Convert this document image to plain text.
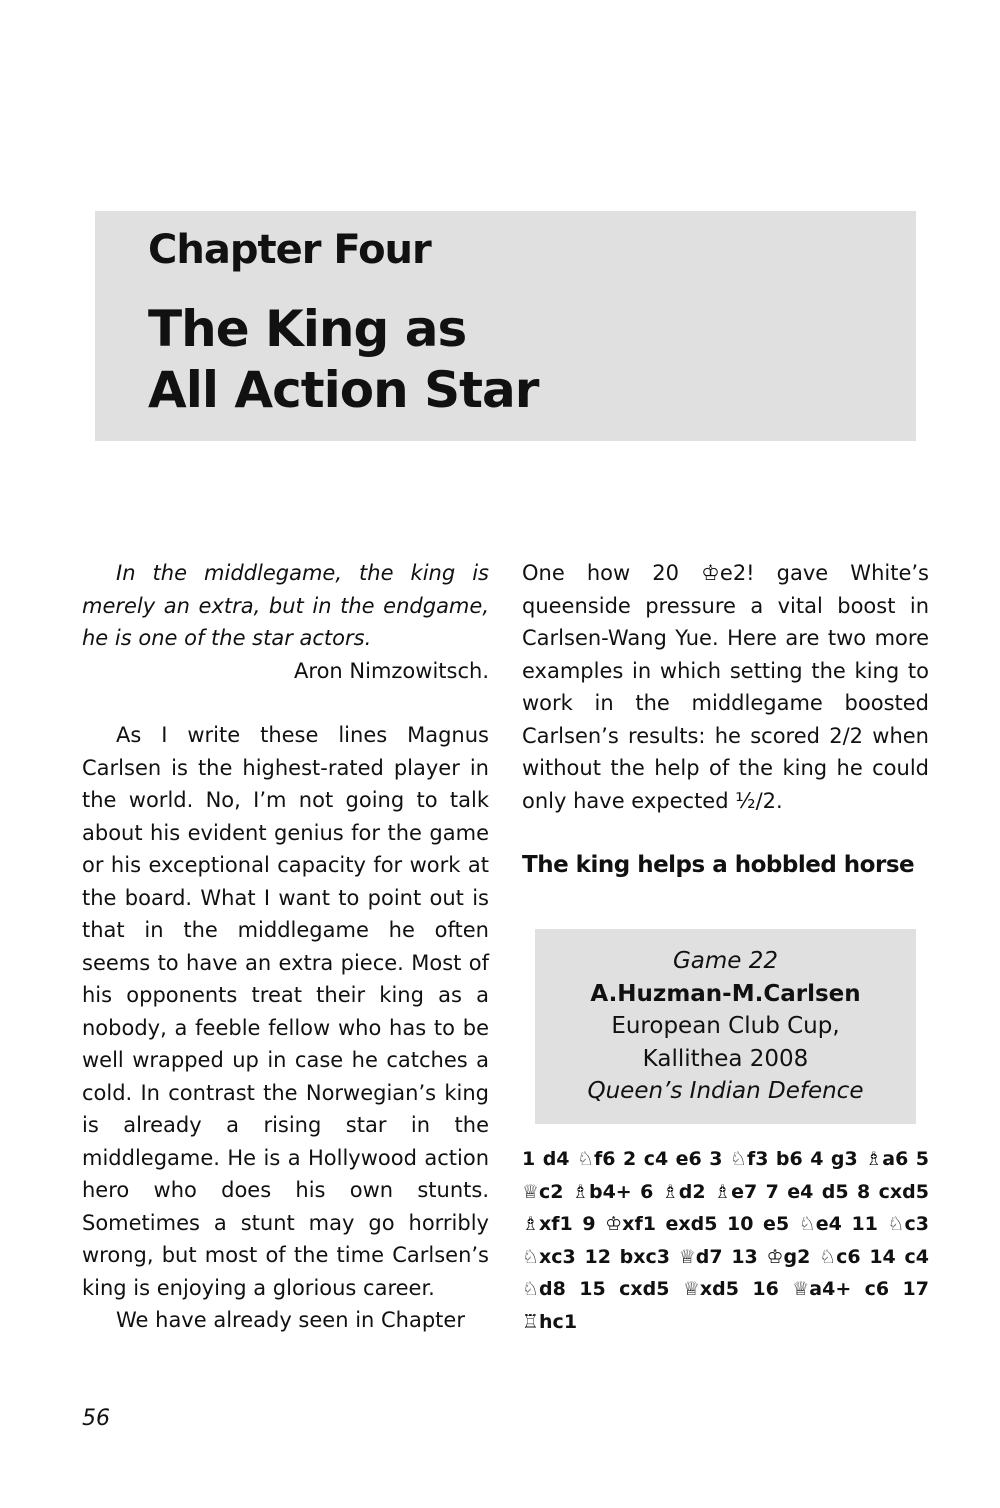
Chapter Four
The King as
All Action Star

In the middlegame, the king is merely an extra, but in the endgame, he is one of the star actors.

Aron Nimzowitsch.

As I write these lines Magnus Carlsen is the highest-rated player in the world. No, I’m not going to talk about his evident genius for the game or his exceptional capacity for work at the board. What I want to point out is that in the middlegame he often seems to have an extra piece. Most of his opponents treat their king as a nobody, a feeble fellow who has to be well wrapped up in case he catches a cold. In contrast the Norwegian’s king is already a rising star in the middlegame. He is a Hollywood action hero who does his own stunts. Sometimes a stunt may go horribly wrong, but most of the time Carlsen’s king is enjoying a glorious career.

We have already seen in Chapter

One how 20 ♔e2! gave White’s queenside pressure a vital boost in Carlsen-Wang Yue. Here are two more examples in which setting the king to work in the middlegame boosted Carlsen’s results: he scored 2/2 when without the help of the king he could only have expected ½/2.

The king helps a hobbled horse

Game 22
A.Huzman-M.Carlsen
European Club Cup,
Kallithea 2008
Queen’s Indian Defence
1 d4 ♘f6 2 c4 e6 3 ♘f3 b6 4 g3 ♗a6 5 ♕c2 ♗b4+ 6 ♗d2 ♗e7 7 e4 d5 8 cxd5 ♗xf1 9 ♔xf1 exd5 10 e5 ♘e4 11 ♘c3 ♘xc3 12 bxc3 ♕d7 13 ♔g2 ♘c6 14 c4 ♘d8 15 cxd5 ♕xd5 16 ♕a4+ c6 17 ♖hc1
56
